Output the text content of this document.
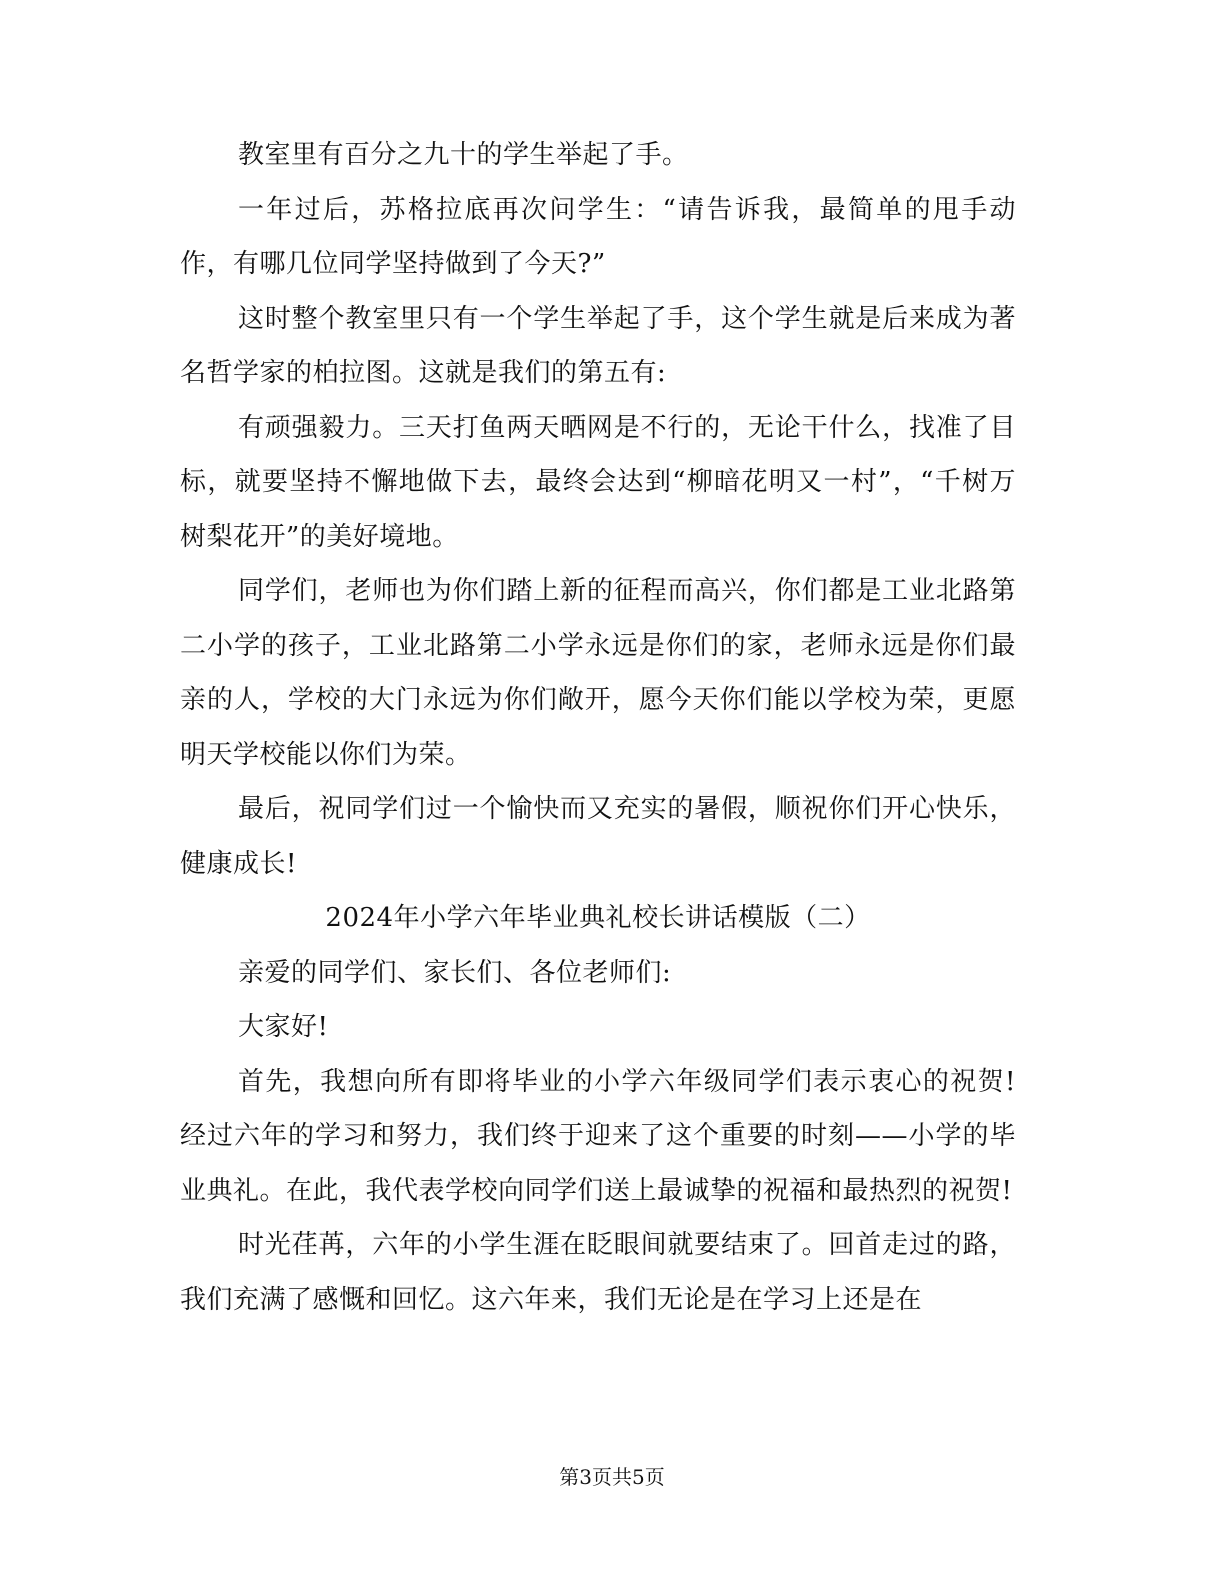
教室里有百分之九十的学生举起了手。

一年过后，苏格拉底再次问学生：“请告诉我，最简单的甩手动作，有哪几位同学坚持做到了今天?”

这时整个教室里只有一个学生举起了手，这个学生就是后来成为著名哲学家的柏拉图。这就是我们的第五有:

有顽强毅力。三天打鱼两天晒网是不行的，无论干什么，找准了目标，就要坚持不懈地做下去，最终会达到“柳暗花明又一村”，“千树万树梨花开”的美好境地。

同学们，老师也为你们踏上新的征程而高兴，你们都是工业北路第二小学的孩子，工业北路第二小学永远是你们的家，老师永远是你们最亲的人，学校的大门永远为你们敞开，愿今天你们能以学校为荣，更愿明天学校能以你们为荣。

最后，祝同学们过一个愉快而又充实的暑假，顺祝你们开心快乐，健康成长!

2024年小学六年毕业典礼校长讲话模版（二）

亲爱的同学们、家长们、各位老师们:

大家好!

首先，我想向所有即将毕业的小学六年级同学们表示衷心的祝贺!经过六年的学习和努力，我们终于迎来了这个重要的时刻——小学的毕业典礼。在此，我代表学校向同学们送上最诚挚的祝福和最热烈的祝贺!

时光荏苒，六年的小学生涯在眨眼间就要结束了。回首走过的路，我们充满了感慨和回忆。这六年来，我们无论是在学习上还是在

第3页共5页
